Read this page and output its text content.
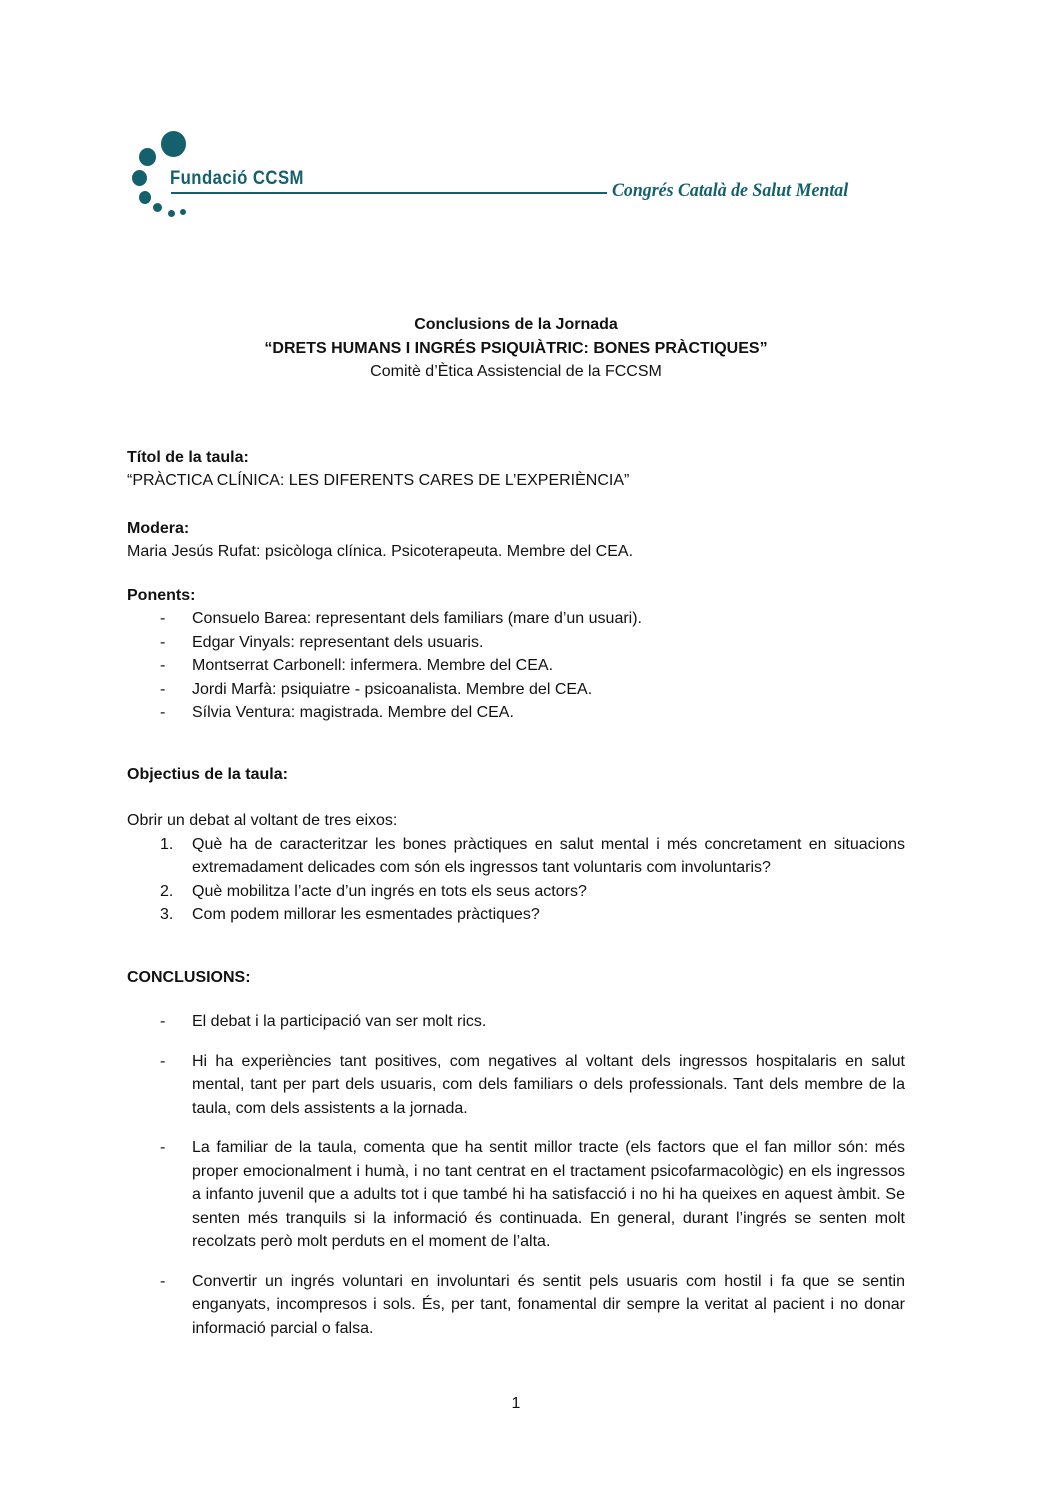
Fundació CCSM
Congrés Català de Salut Mental
Conclusions de la Jornada
“DRETS HUMANS I INGRÉS PSIQUIÀTRIC: BONES PRÀCTIQUES”
Comitè d’Ètica Assistencial de la FCCSM
Títol de la taula:
“PRÀCTICA CLÍNICA: LES DIFERENTS CARES DE L’EXPERIÈNCIA”
Modera:
Maria Jesús Rufat: psicòloga clínica. Psicoterapeuta. Membre del CEA.
Ponents:
-	Consuelo Barea: representant dels familiars (mare d’un usuari).
-	Edgar Vinyals: representant dels usuaris.
-	Montserrat Carbonell: infermera. Membre del CEA.
-	Jordi Marfà: psiquiatre - psicoanalista. Membre del CEA.
-	Sílvia Ventura: magistrada. Membre del CEA.
Objectius de la taula:
Obrir un debat al voltant de tres eixos:
1.	Què ha de caracteritzar les bones pràctiques en salut mental i més concretament en situacions extremadament delicades com són els ingressos tant voluntaris com involuntaris?
2.	Què mobilitza l’acte d’un ingrés en tots els seus actors?
3.	Com podem millorar les esmentades pràctiques?
CONCLUSIONS:
-	El debat i la participació van ser molt rics.
-	Hi ha experiències tant positives, com negatives al voltant dels ingressos hospitalaris en salut mental, tant per part dels usuaris, com dels familiars o dels professionals. Tant dels membre de la taula, com dels assistents a la jornada.
-	La familiar de la taula, comenta que ha sentit millor tracte (els factors que el fan millor són: més proper emocionalment i humà, i no tant centrat en el tractament psicofarmacològic) en els ingressos a infanto juvenil que a adults tot i que també hi ha satisfacció i no hi ha queixes en aquest àmbit. Se senten més tranquils si la informació és continuada. En general, durant l’ingrés se senten molt recolzats però molt perduts en el moment de l’alta.
-	Convertir un ingrés voluntari en involuntari és sentit pels usuaris com hostil i fa que se sentin enganyats, incompresos i sols. És, per tant, fonamental dir sempre la veritat al pacient i no donar informació parcial o falsa.
1
